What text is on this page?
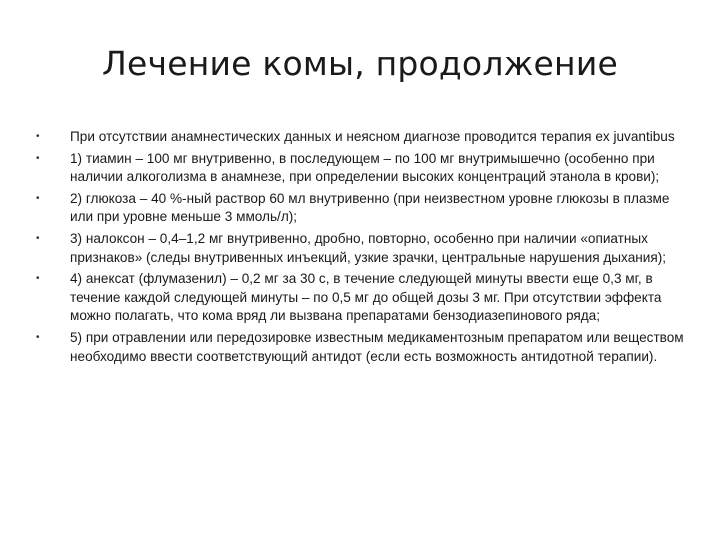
Лечение комы, продолжение
•	При отсутствии анамнестических данных и неясном диагнозе проводится терапия ex juvantibus
•	1) тиамин – 100 мг внутривенно, в последующем – по 100 мг внутримышечно (особенно при наличии алкоголизма в анамнезе, при определении высоких концентраций этанола в крови);
•	2) глюкоза – 40 %-ный раствор 60 мл внутривенно (при неизвестном уровне глюкозы в плазме или при уровне меньше 3 ммоль/л);
•	3) налоксон – 0,4–1,2 мг внутривенно, дробно, повторно, особенно при наличии «опиатных признаков» (следы внутривенных инъекций, узкие зрачки, центральные нарушения дыхания);
•	4) анексат (флумазенил) – 0,2 мг за 30 с, в течение следующей минуты ввести еще 0,3 мг, в течение каждой следующей минуты – по 0,5 мг до общей дозы 3 мг. При отсутствии эффекта можно полагать, что кома вряд ли вызвана препаратами бензодиазепинового ряда;
•	5) при отравлении или передозировке известным медикаментозным препаратом или веществом необходимо ввести соответствующий антидот (если есть возможность антидотной терапии).
